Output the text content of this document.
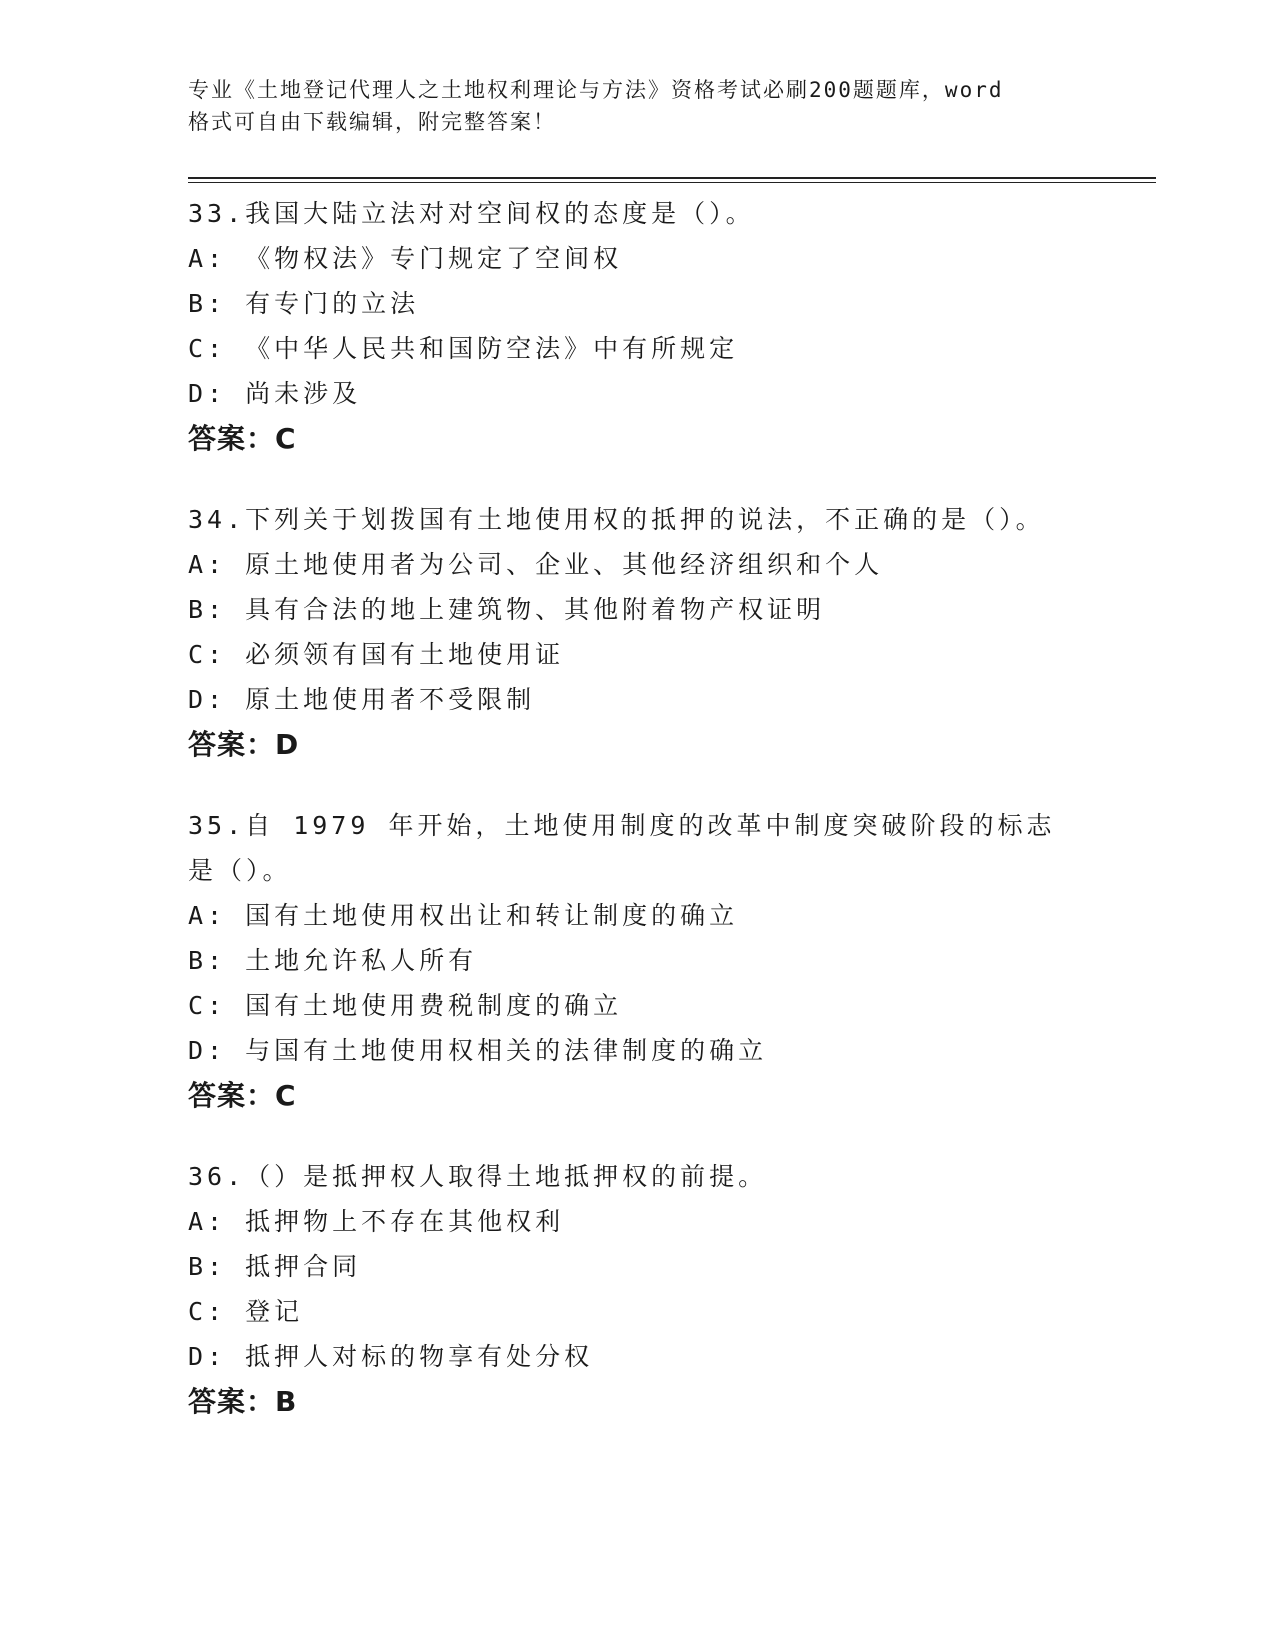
专业《土地登记代理人之土地权利理论与方法》资格考试必刷200题题库，word
格式可自由下载编辑，附完整答案！
33.我国大陆立法对对空间权的态度是（）。
A: 《物权法》专门规定了空间权
B: 有专门的立法
C: 《中华人民共和国防空法》中有所规定
D: 尚未涉及
答案：C
34.下列关于划拨国有土地使用权的抵押的说法，不正确的是（）。
A: 原土地使用者为公司、企业、其他经济组织和个人
B: 具有合法的地上建筑物、其他附着物产权证明
C: 必须领有国有土地使用证
D: 原土地使用者不受限制
答案：D
35.自 1979 年开始，土地使用制度的改革中制度突破阶段的标志是（）。
A: 国有土地使用权出让和转让制度的确立
B: 土地允许私人所有
C: 国有土地使用费税制度的确立
D: 与国有土地使用权相关的法律制度的确立
答案：C
36.（）是抵押权人取得土地抵押权的前提。
A: 抵押物上不存在其他权利
B: 抵押合同
C: 登记
D: 抵押人对标的物享有处分权
答案：B
